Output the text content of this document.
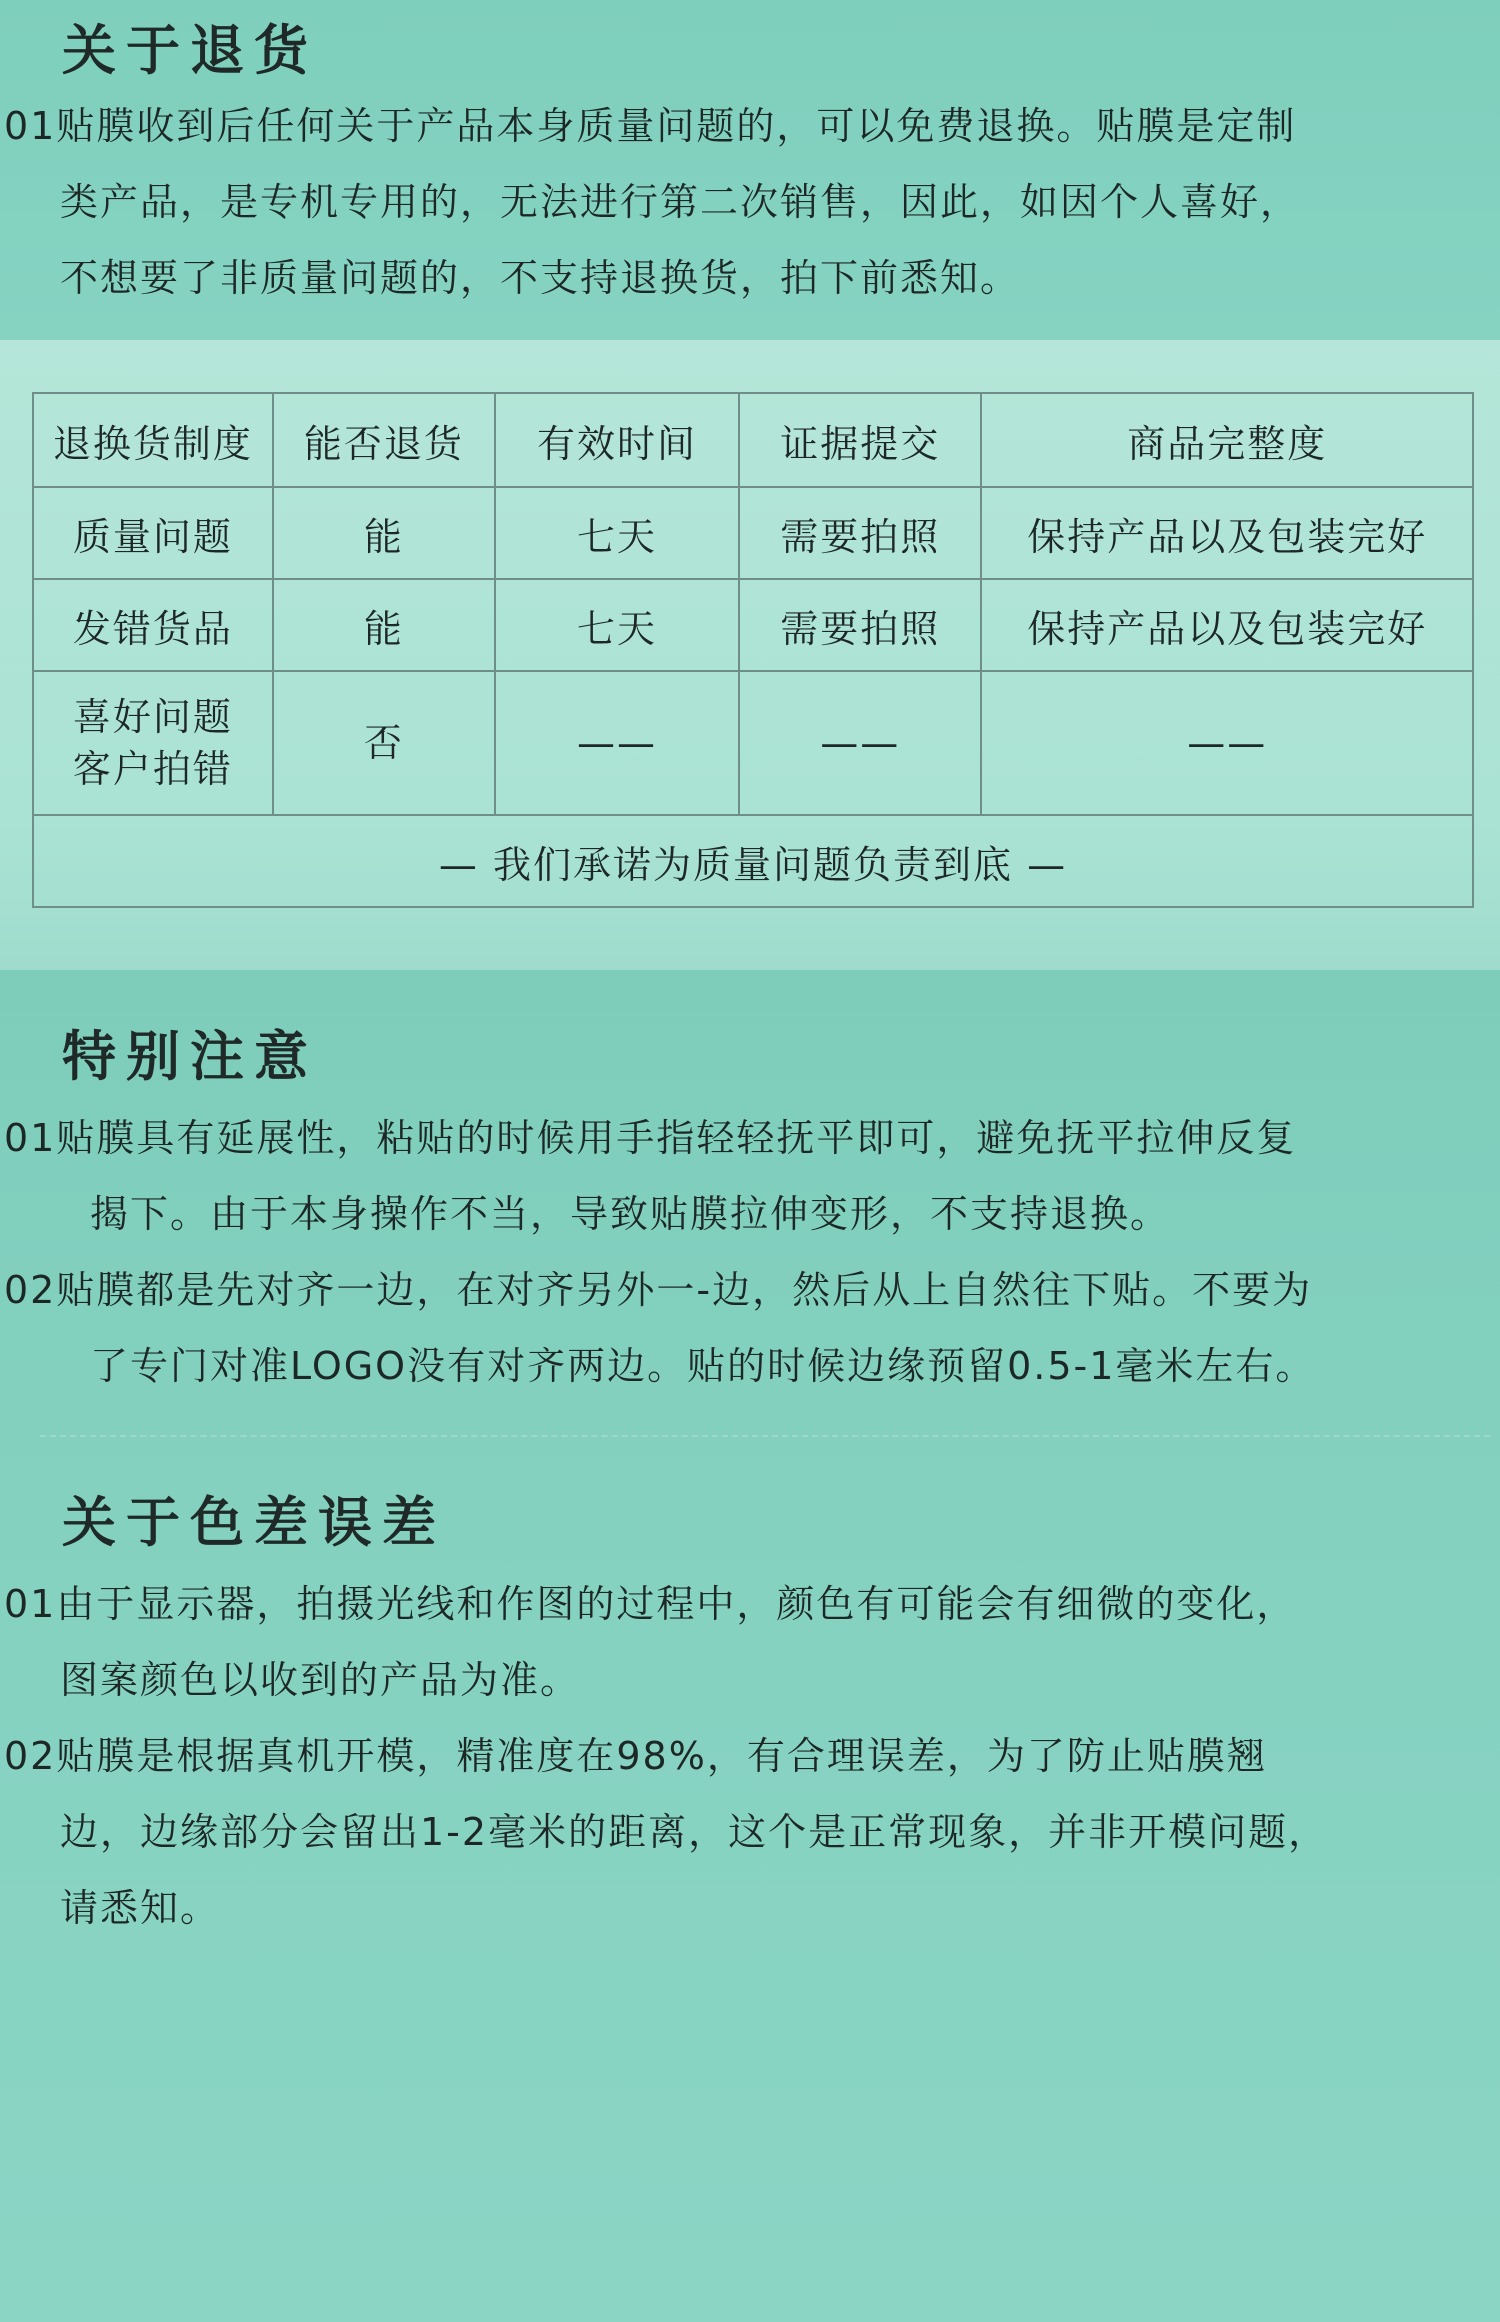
关于退货
01贴膜收到后任何关于产品本身质量问题的，可以免费退换。贴膜是定制
类产品，是专机专用的，无法进行第二次销售，因此，如因个人喜好，
不想要了非质量问题的，不支持退换货，拍下前悉知。
退换货制度	能否退货	有效时间	证据提交	商品完整度
质量问题	能	七天	需要拍照	保持产品以及包装完好
发错货品	能	七天	需要拍照	保持产品以及包装完好
喜好问题
客户拍错	否	——	——	——
— 我们承诺为质量问题负责到底 —				
特别注意
01贴膜具有延展性，粘贴的时候用手指轻轻抚平即可，避免抚平拉伸反复
揭下。由于本身操作不当，导致贴膜拉伸变形，不支持退换。
02贴膜都是先对齐一边，在对齐另外一-边，然后从上自然往下贴。不要为
了专门对准LOGO没有对齐两边。贴的时候边缘预留0.5-1毫米左右。
关于色差误差
01由于显示器，拍摄光线和作图的过程中，颜色有可能会有细微的变化，
图案颜色以收到的产品为准。
02贴膜是根据真机开模，精准度在98%，有合理误差，为了防止贴膜翘
边，边缘部分会留出1-2毫米的距离，这个是正常现象，并非开模问题，
请悉知。
